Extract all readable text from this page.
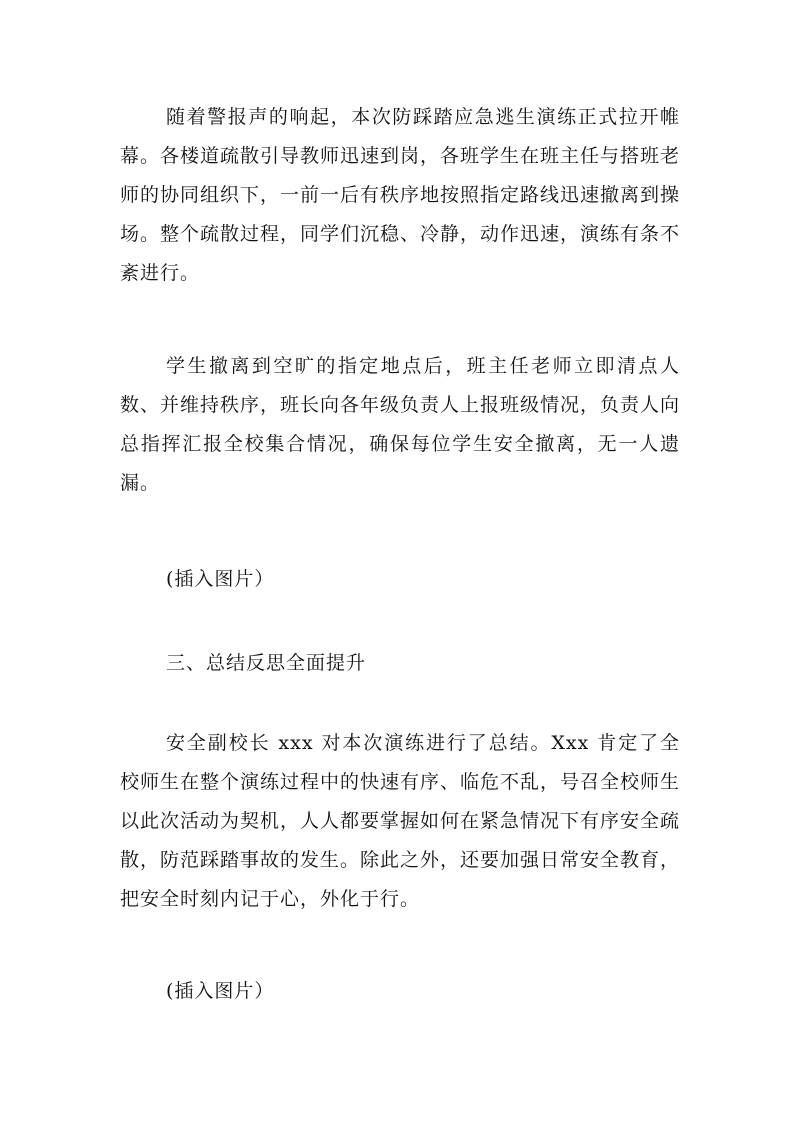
随着警报声的响起，本次防踩踏应急逃生演练正式拉开帷幕。各楼道疏散引导教师迅速到岗，各班学生在班主任与搭班老师的协同组织下，一前一后有秩序地按照指定路线迅速撤离到操场。整个疏散过程，同学们沉稳、冷静，动作迅速，演练有条不紊进行。

学生撤离到空旷的指定地点后，班主任老师立即清点人数、并维持秩序，班长向各年级负责人上报班级情况，负责人向总指挥汇报全校集合情况，确保每位学生安全撤离，无一人遗漏。

(插入图片）

三、总结反思全面提升

安全副校长 xxx 对本次演练进行了总结。Xxx 肯定了全校师生在整个演练过程中的快速有序、临危不乱，号召全校师生以此次活动为契机，人人都要掌握如何在紧急情况下有序安全疏散，防范踩踏事故的发生。除此之外，还要加强日常安全教育，把安全时刻内记于心，外化于行。

(插入图片）
